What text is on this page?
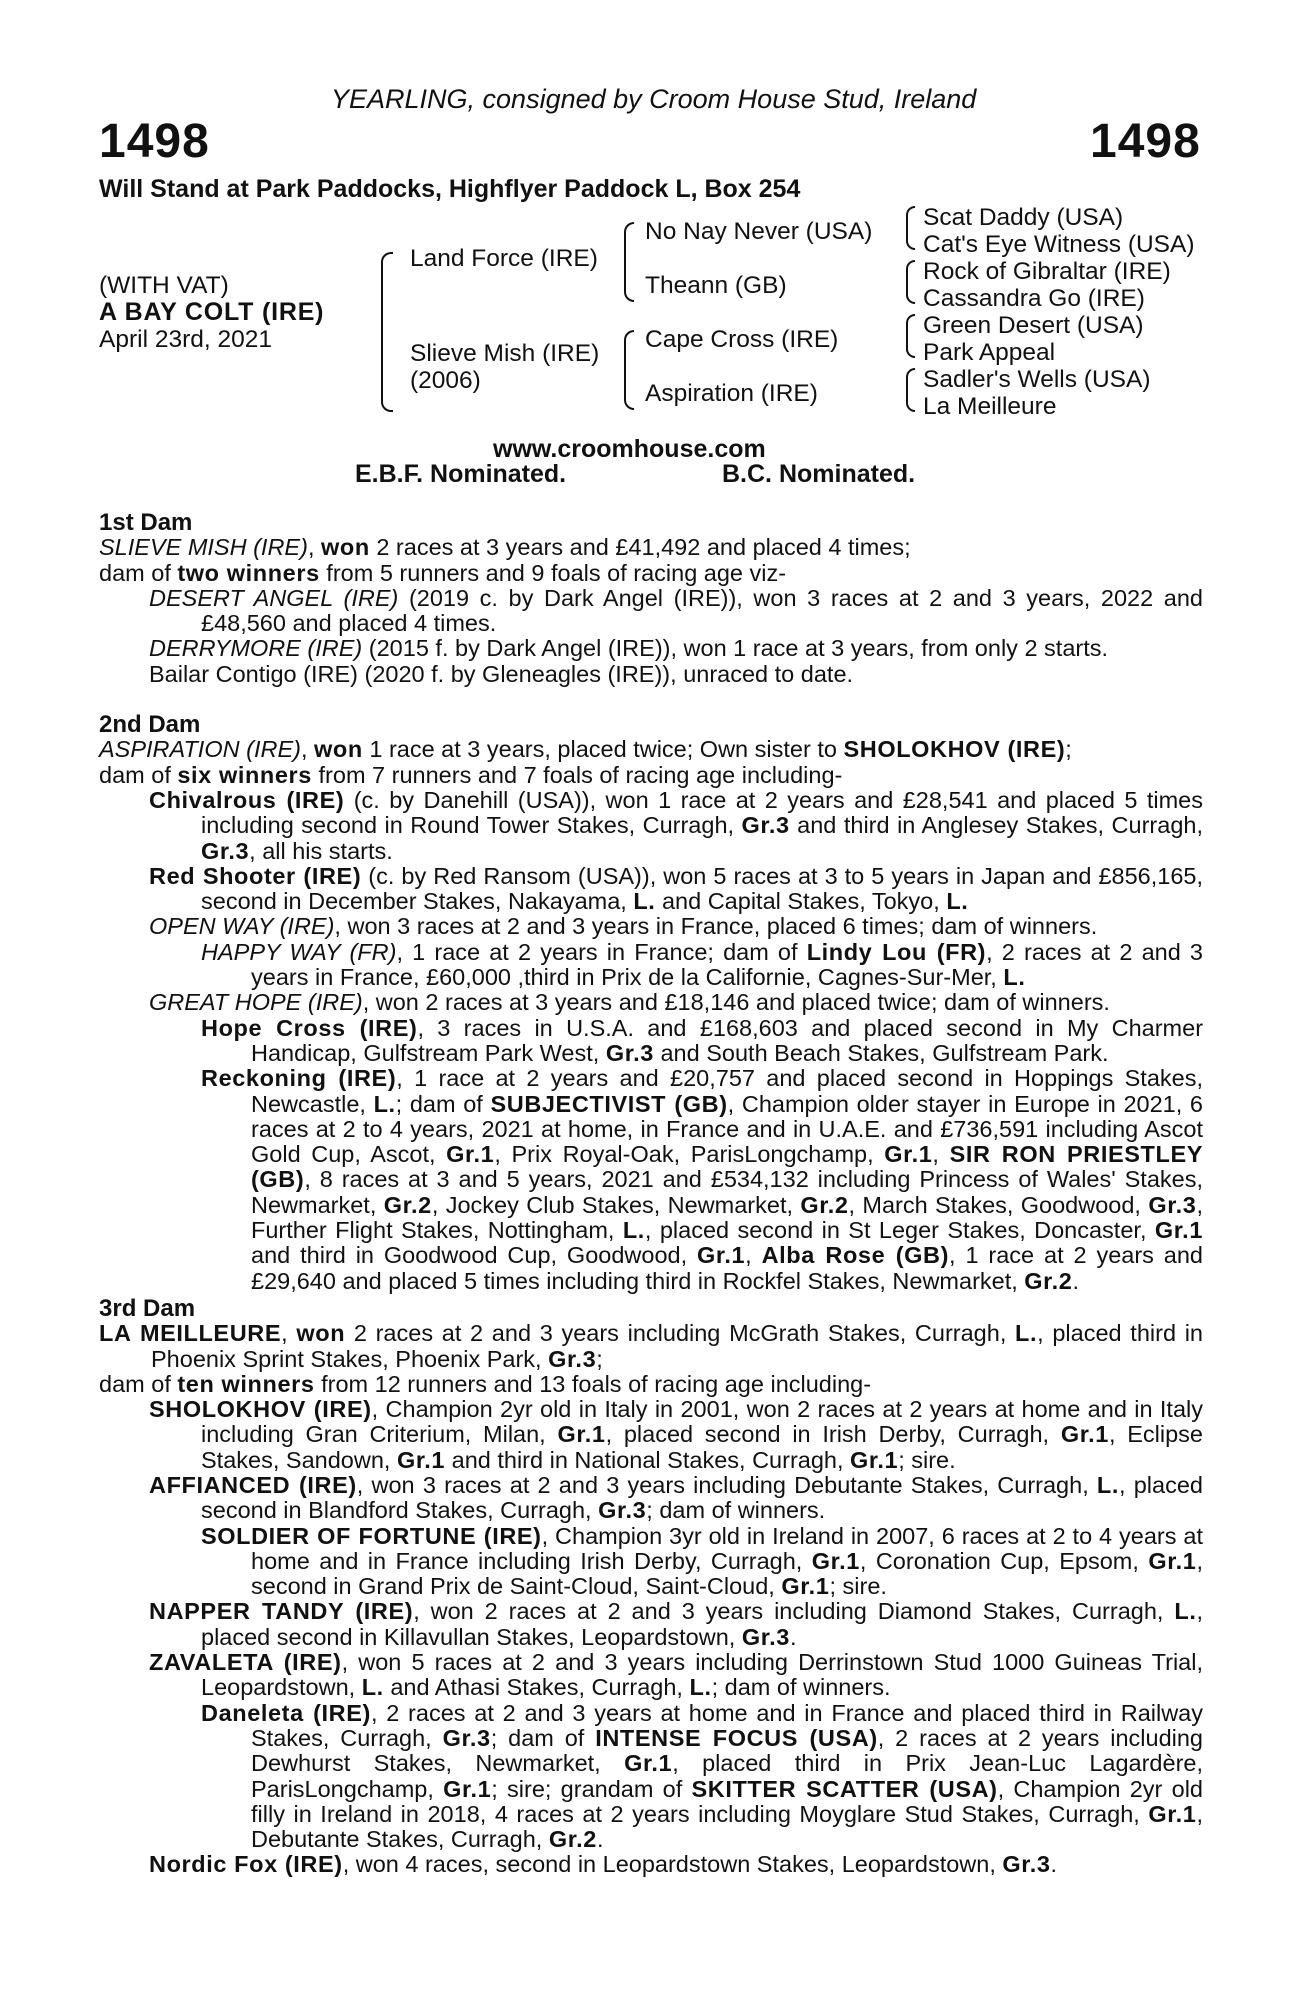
YEARLING, consigned by Croom House Stud, Ireland
1498	1498
Will Stand at Park Paddocks, Highflyer Paddock L, Box 254
(WITH VAT)
A BAY COLT (IRE)
April 23rd, 2021
Land Force (IRE)
Slieve Mish (IRE)
(2006)
No Nay Never (USA)
Theann (GB)
Cape Cross (IRE)
Aspiration (IRE)
Scat Daddy (USA)
Cat's Eye Witness (USA)
Rock of Gibraltar (IRE)
Cassandra Go (IRE)
Green Desert (USA)
Park Appeal
Sadler's Wells (USA)
La Meilleure
www.croomhouse.com
E.B.F. Nominated.	B.C. Nominated.

1st Dam

SLIEVE MISH (IRE), won 2 races at 3 years and £41,492 and placed 4 times;

dam of two winners from 5 runners and 9 foals of racing age viz-

DESERT ANGEL (IRE) (2019 c. by Dark Angel (IRE)), won 3 races at 2 and 3 years, 2022 and £48,560 and placed 4 times.

DERRYMORE (IRE) (2015 f. by Dark Angel (IRE)), won 1 race at 3 years, from only 2 starts.

Bailar Contigo (IRE) (2020 f. by Gleneagles (IRE)), unraced to date.

2nd Dam

ASPIRATION (IRE), won 1 race at 3 years, placed twice; Own sister to SHOLOKHOV (IRE);

dam of six winners from 7 runners and 7 foals of racing age including-

Chivalrous (IRE) (c. by Danehill (USA)), won 1 race at 2 years and £28,541 and placed 5 times including second in Round Tower Stakes, Curragh, Gr.3 and third in Anglesey Stakes, Curragh, Gr.3, all his starts.

Red Shooter (IRE) (c. by Red Ransom (USA)), won 5 races at 3 to 5 years in Japan and £856,165, second in December Stakes, Nakayama, L. and Capital Stakes, Tokyo, L.

OPEN WAY (IRE), won 3 races at 2 and 3 years in France, placed 6 times; dam of winners.

HAPPY WAY (FR), 1 race at 2 years in France; dam of Lindy Lou (FR), 2 races at 2 and 3 years in France, £60,000 ,third in Prix de la Californie, Cagnes-Sur-Mer, L.

GREAT HOPE (IRE), won 2 races at 3 years and £18,146 and placed twice; dam of winners.

Hope Cross (IRE), 3 races in U.S.A. and £168,603 and placed second in My Charmer Handicap, Gulfstream Park West, Gr.3 and South Beach Stakes, Gulfstream Park.

Reckoning (IRE), 1 race at 2 years and £20,757 and placed second in Hoppings Stakes, Newcastle, L.; dam of SUBJECTIVIST (GB), Champion older stayer in Europe in 2021, 6 races at 2 to 4 years, 2021 at home, in France and in U.A.E. and £736,591 including Ascot Gold Cup, Ascot, Gr.1, Prix Royal-Oak, ParisLongchamp, Gr.1, SIR RON PRIESTLEY (GB), 8 races at 3 and 5 years, 2021 and £534,132 including Princess of Wales' Stakes, Newmarket, Gr.2, Jockey Club Stakes, Newmarket, Gr.2, March Stakes, Goodwood, Gr.3, Further Flight Stakes, Nottingham, L., placed second in St Leger Stakes, Doncaster, Gr.1 and third in Goodwood Cup, Goodwood, Gr.1, Alba Rose (GB), 1 race at 2 years and £29,640 and placed 5 times including third in Rockfel Stakes, Newmarket, Gr.2.

3rd Dam

LA MEILLEURE, won 2 races at 2 and 3 years including McGrath Stakes, Curragh, L., placed third in Phoenix Sprint Stakes, Phoenix Park, Gr.3;

dam of ten winners from 12 runners and 13 foals of racing age including-

SHOLOKHOV (IRE), Champion 2yr old in Italy in 2001, won 2 races at 2 years at home and in Italy including Gran Criterium, Milan, Gr.1, placed second in Irish Derby, Curragh, Gr.1, Eclipse Stakes, Sandown, Gr.1 and third in National Stakes, Curragh, Gr.1; sire.

AFFIANCED (IRE), won 3 races at 2 and 3 years including Debutante Stakes, Curragh, L., placed second in Blandford Stakes, Curragh, Gr.3; dam of winners.

SOLDIER OF FORTUNE (IRE), Champion 3yr old in Ireland in 2007, 6 races at 2 to 4 years at home and in France including Irish Derby, Curragh, Gr.1, Coronation Cup, Epsom, Gr.1, second in Grand Prix de Saint-Cloud, Saint-Cloud, Gr.1; sire.

NAPPER TANDY (IRE), won 2 races at 2 and 3 years including Diamond Stakes, Curragh, L., placed second in Killavullan Stakes, Leopardstown, Gr.3.

ZAVALETA (IRE), won 5 races at 2 and 3 years including Derrinstown Stud 1000 Guineas Trial, Leopardstown, L. and Athasi Stakes, Curragh, L.; dam of winners.

Daneleta (IRE), 2 races at 2 and 3 years at home and in France and placed third in Railway Stakes, Curragh, Gr.3; dam of INTENSE FOCUS (USA), 2 races at 2 years including Dewhurst Stakes, Newmarket, Gr.1, placed third in Prix Jean-Luc Lagardère, ParisLongchamp, Gr.1; sire; grandam of SKITTER SCATTER (USA), Champion 2yr old filly in Ireland in 2018, 4 races at 2 years including Moyglare Stud Stakes, Curragh, Gr.1, Debutante Stakes, Curragh, Gr.2.

Nordic Fox (IRE), won 4 races, second in Leopardstown Stakes, Leopardstown, Gr.3.
